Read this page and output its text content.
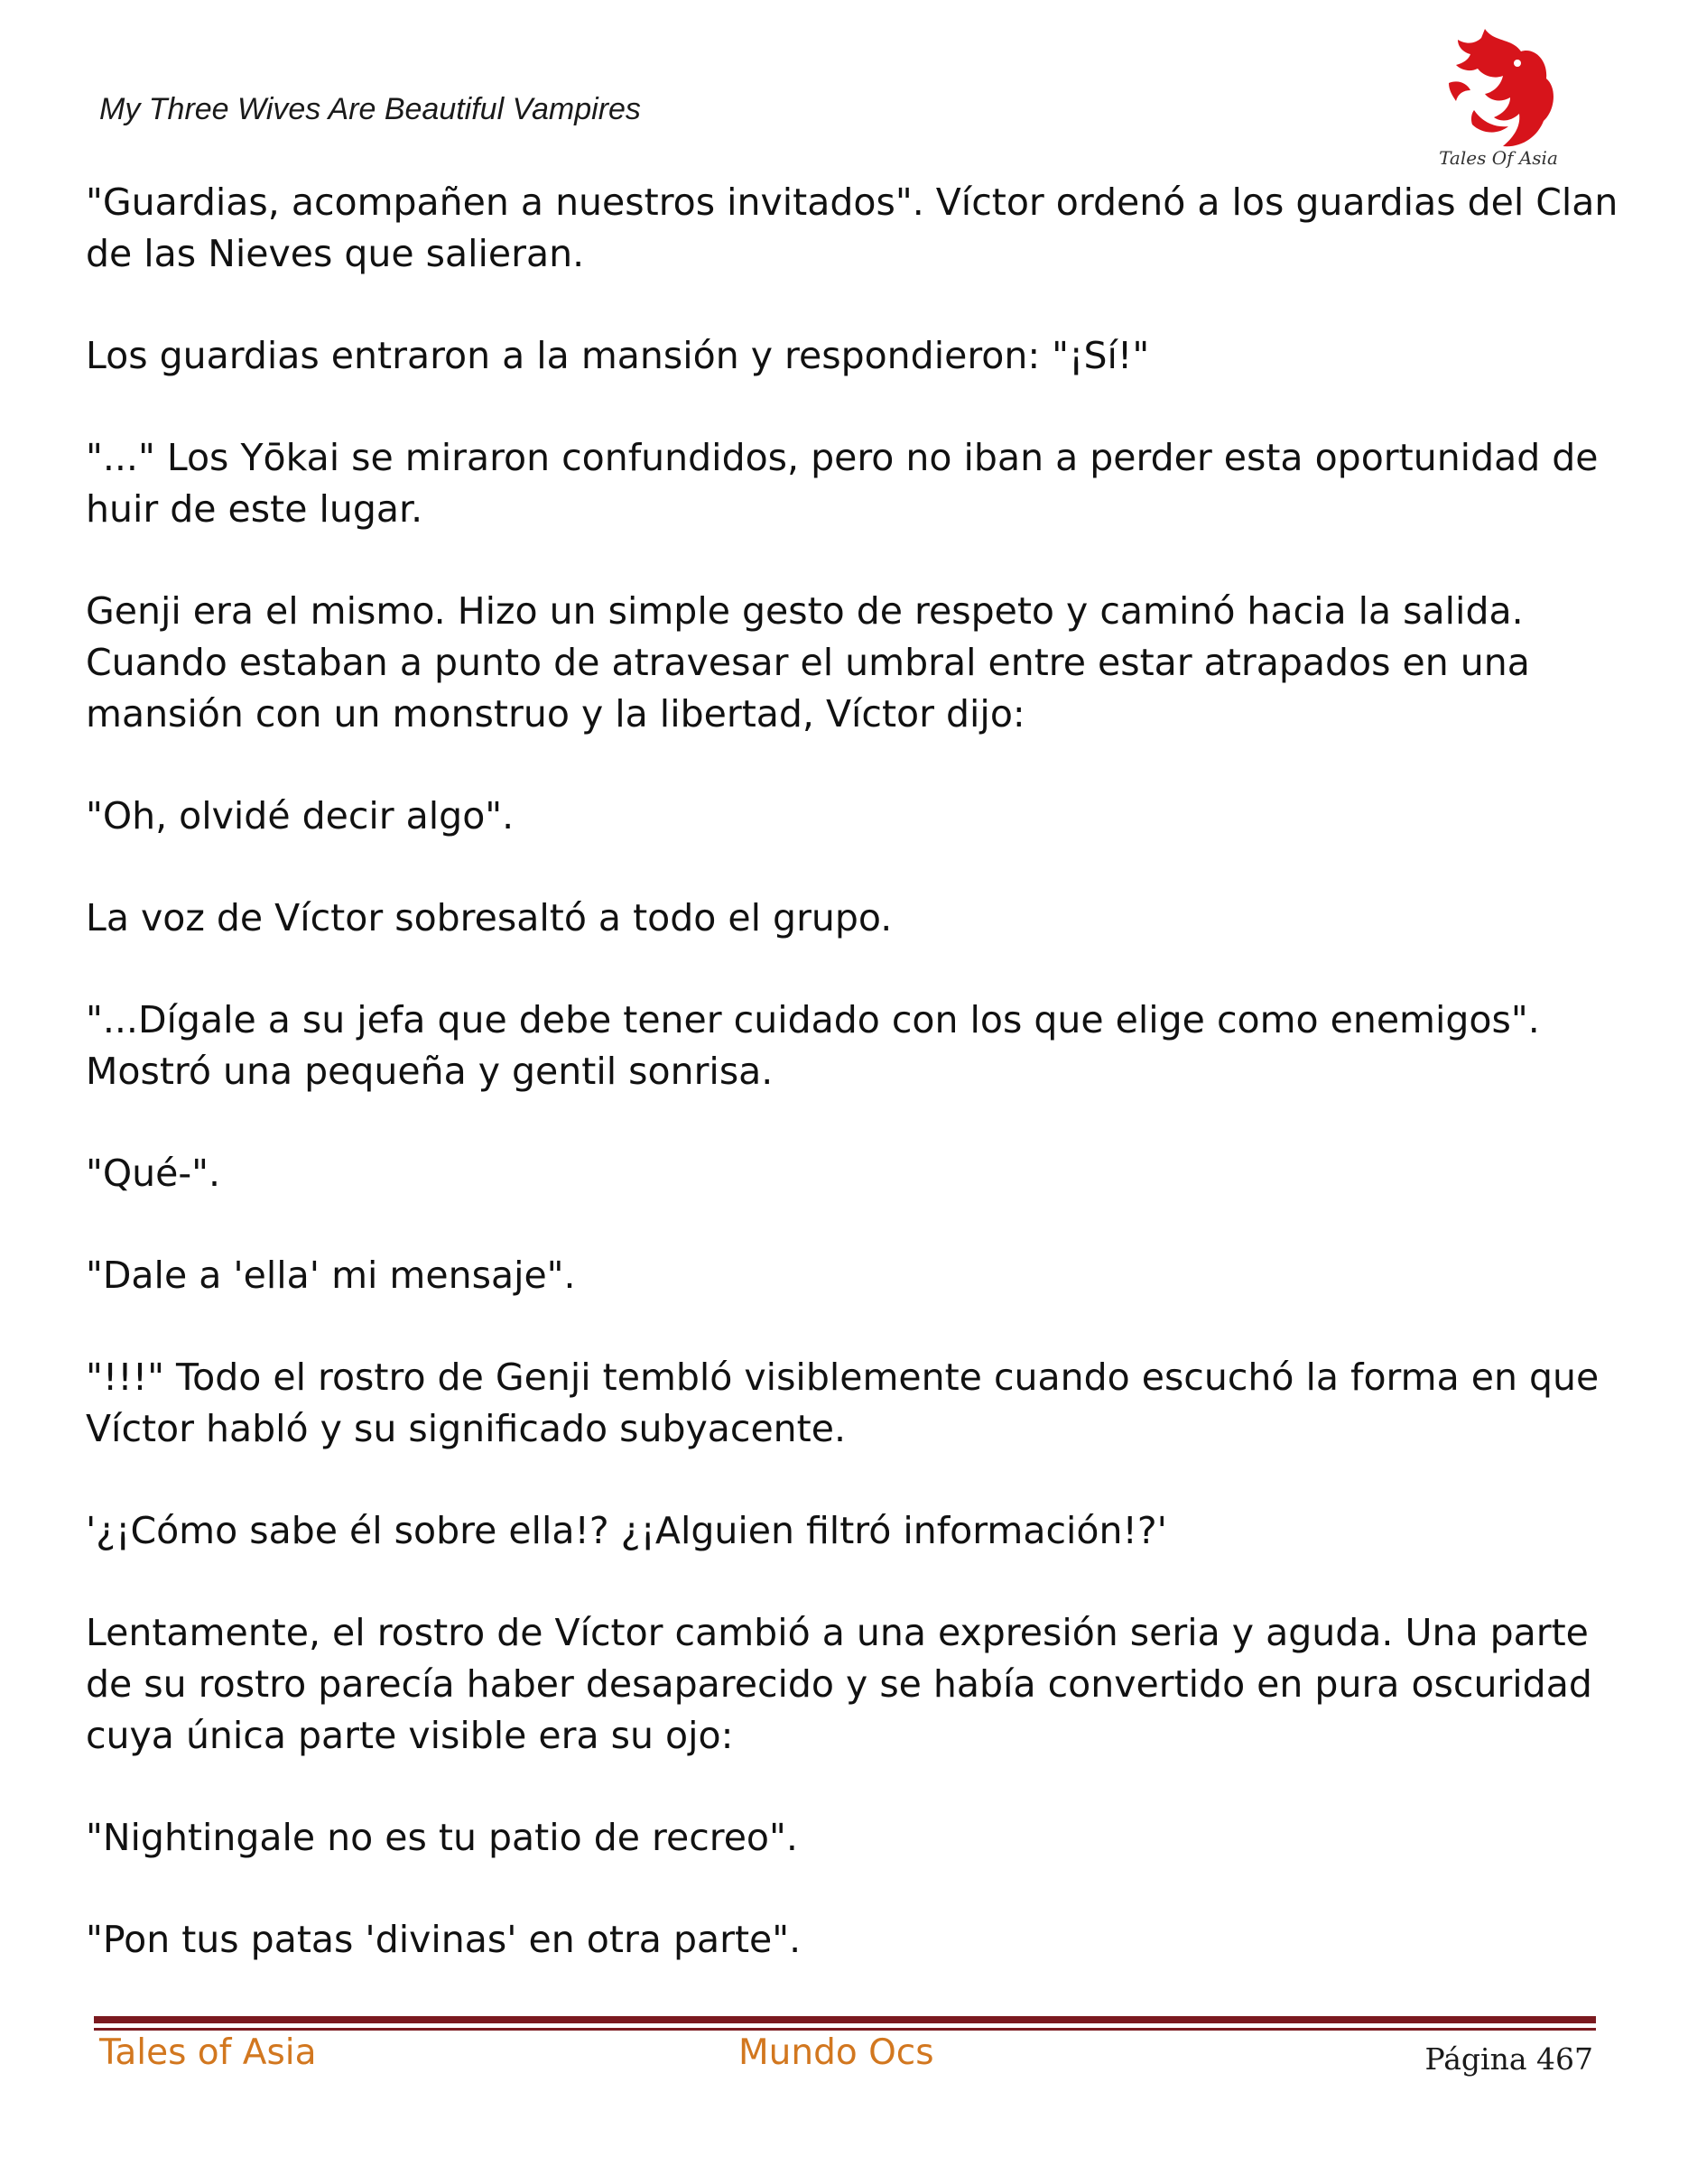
My Three Wives Are Beautiful Vampires
Tales Of Asia

"Guardias, acompañen a nuestros invitados". Víctor ordenó a los guardias del Clan de las Nieves que salieran.

Los guardias entraron a la mansión y respondieron: "¡Sí!"

"..." Los Yōkai se miraron confundidos, pero no iban a perder esta oportunidad de huir de este lugar.

Genji era el mismo. Hizo un simple gesto de respeto y caminó hacia la salida. Cuando estaban a punto de atravesar el umbral entre estar atrapados en una mansión con un monstruo y la libertad, Víctor dijo:

"Oh, olvidé decir algo".

La voz de Víctor sobresaltó a todo el grupo.

"...Dígale a su jefa que debe tener cuidado con los que elige como enemigos". Mostró una pequeña y gentil sonrisa.

"Qué-".

"Dale a 'ella' mi mensaje".

"!!!" Todo el rostro de Genji tembló visiblemente cuando escuchó la forma en que Víctor habló y su significado subyacente.

'¿¡Cómo sabe él sobre ella!? ¿¡Alguien filtró información!?'

Lentamente, el rostro de Víctor cambió a una expresión seria y aguda. Una parte de su rostro parecía haber desaparecido y se había convertido en pura oscuridad cuya única parte visible era su ojo:

"Nightingale no es tu patio de recreo".

"Pon tus patas 'divinas' en otra parte".

Tales of Asia	Mundo Ocs	Página 467
